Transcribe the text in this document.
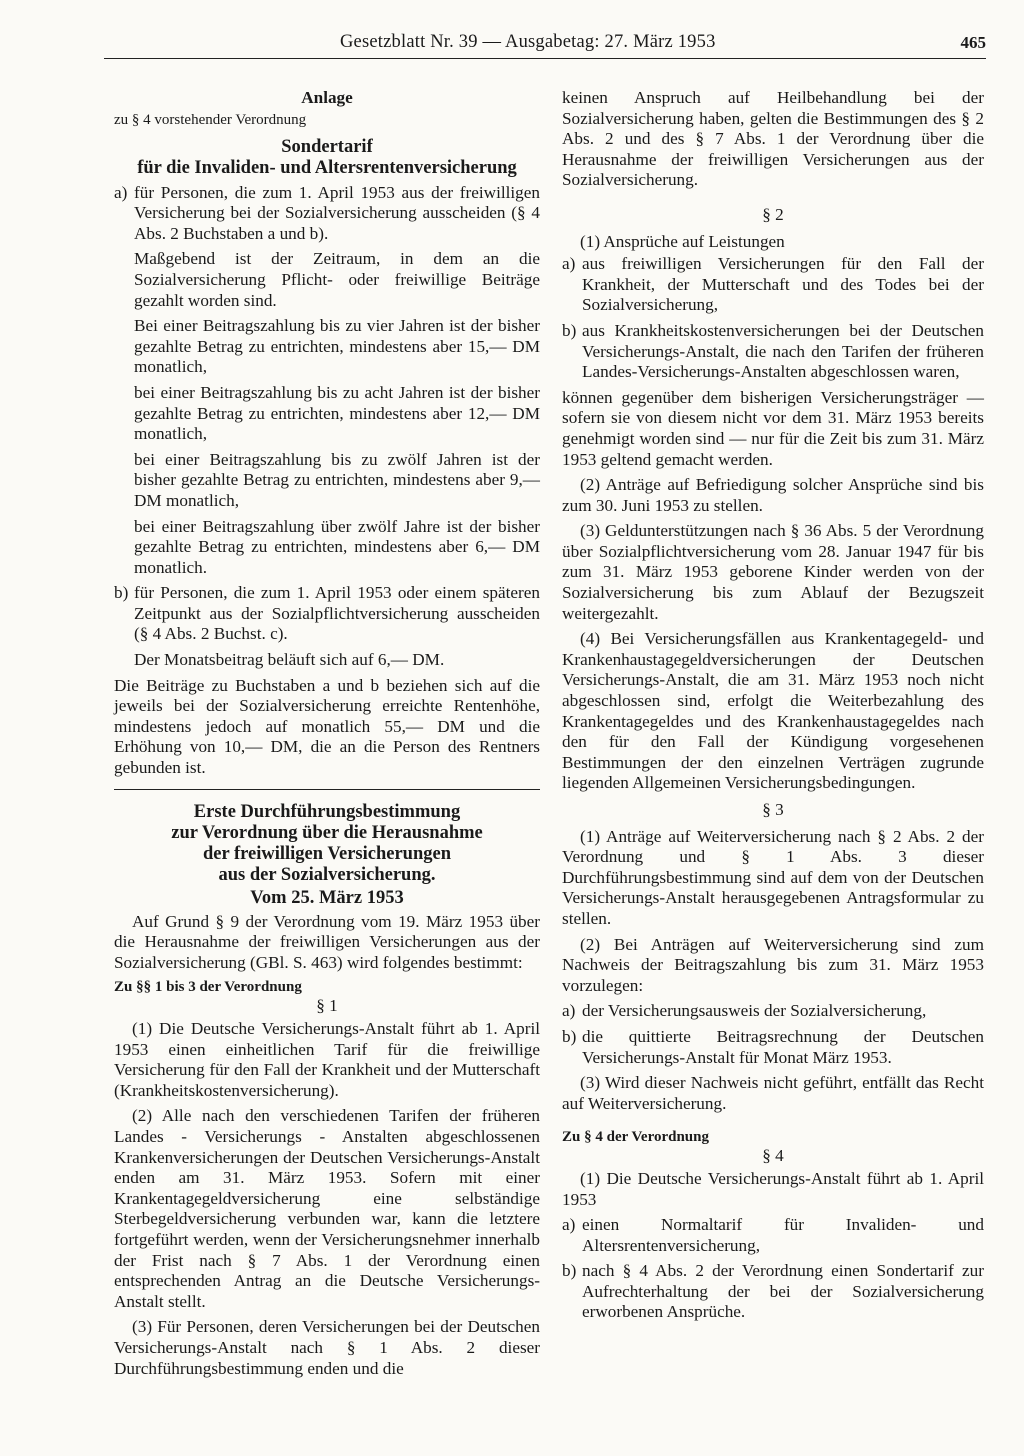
Gesetzblatt Nr. 39 — Ausgabetag: 27. März 1953	465

Anlage

zu § 4 vorstehender Verordnung

Sondertarif

für die Invaliden- und Altersrentenversicherung

a) für Personen, die zum 1. April 1953 aus der freiwilligen Versicherung bei der Sozialversicherung ausscheiden (§ 4 Abs. 2 Buchstaben a und b).

Maßgebend ist der Zeitraum, in dem an die Sozialversicherung Pflicht- oder freiwillige Beiträge gezahlt worden sind.

Bei einer Beitragszahlung bis zu vier Jahren ist der bisher gezahlte Betrag zu entrichten, mindestens aber 15,— DM monatlich,

bei einer Beitragszahlung bis zu acht Jahren ist der bisher gezahlte Betrag zu entrichten, mindestens aber 12,— DM monatlich,

bei einer Beitragszahlung bis zu zwölf Jahren ist der bisher gezahlte Betrag zu entrichten, mindestens aber 9,— DM monatlich,

bei einer Beitragszahlung über zwölf Jahre ist der bisher gezahlte Betrag zu entrichten, mindestens aber 6,— DM monatlich.

b) für Personen, die zum 1. April 1953 oder einem späteren Zeitpunkt aus der Sozialpflichtversicherung ausscheiden (§ 4 Abs. 2 Buchst. c).

Der Monatsbeitrag beläuft sich auf 6,— DM.

Die Beiträge zu Buchstaben a und b beziehen sich auf die jeweils bei der Sozialversicherung erreichte Rentenhöhe, mindestens jedoch auf monatlich 55,— DM und die Erhöhung von 10,— DM, die an die Person des Rentners gebunden ist.

Erste Durchführungsbestimmung

zur Verordnung über die Herausnahme

der freiwilligen Versicherungen

aus der Sozialversicherung.

Vom 25. März 1953

Auf Grund § 9 der Verordnung vom 19. März 1953 über die Herausnahme der freiwilligen Versicherungen aus der Sozialversicherung (GBl. S. 463) wird folgendes bestimmt:

Zu §§ 1 bis 3 der Verordnung

§ 1

(1) Die Deutsche Versicherungs-Anstalt führt ab 1. April 1953 einen einheitlichen Tarif für die freiwillige Versicherung für den Fall der Krankheit und der Mutterschaft (Krankheitskostenversicherung).

(2) Alle nach den verschiedenen Tarifen der früheren Landes - Versicherungs - Anstalten abgeschlossenen Krankenversicherungen der Deutschen Versicherungs-Anstalt enden am 31. März 1953. Sofern mit einer Krankentagegeldversicherung eine selbständige Sterbegeldversicherung verbunden war, kann die letztere fortgeführt werden, wenn der Versicherungsnehmer innerhalb der Frist nach § 7 Abs. 1 der Verordnung einen entsprechenden Antrag an die Deutsche Versicherungs-Anstalt stellt.

(3) Für Personen, deren Versicherungen bei der Deutschen Versicherungs-Anstalt nach § 1 Abs. 2 dieser Durchführungsbestimmung enden und die

keinen Anspruch auf Heilbehandlung bei der Sozialversicherung haben, gelten die Bestimmungen des § 2 Abs. 2 und des § 7 Abs. 1 der Verordnung über die Herausnahme der freiwilligen Versicherungen aus der Sozialversicherung.

§ 2

(1) Ansprüche auf Leistungen

a) aus freiwilligen Versicherungen für den Fall der Krankheit, der Mutterschaft und des Todes bei der Sozialversicherung,
b) aus Krankheitskostenversicherungen bei der Deutschen Versicherungs-Anstalt, die nach den Tarifen der früheren Landes-Versicherungs-Anstalten abgeschlossen waren,

können gegenüber dem bisherigen Versicherungsträger — sofern sie von diesem nicht vor dem 31. März 1953 bereits genehmigt worden sind — nur für die Zeit bis zum 31. März 1953 geltend gemacht werden.

(2) Anträge auf Befriedigung solcher Ansprüche sind bis zum 30. Juni 1953 zu stellen.

(3) Geldunterstützungen nach § 36 Abs. 5 der Verordnung über Sozialpflichtversicherung vom 28. Januar 1947 für bis zum 31. März 1953 geborene Kinder werden von der Sozialversicherung bis zum Ablauf der Bezugszeit weitergezahlt.

(4) Bei Versicherungsfällen aus Krankentagegeld- und Krankenhaustagegeldversicherungen der Deutschen Versicherungs-Anstalt, die am 31. März 1953 noch nicht abgeschlossen sind, erfolgt die Weiterbezahlung des Krankentagegeldes und des Krankenhaustagegeldes nach den für den Fall der Kündigung vorgesehenen Bestimmungen der den einzelnen Verträgen zugrunde liegenden Allgemeinen Versicherungsbedingungen.

§ 3

(1) Anträge auf Weiterversicherung nach § 2 Abs. 2 der Verordnung und § 1 Abs. 3 dieser Durchführungsbestimmung sind auf dem von der Deutschen Versicherungs-Anstalt herausgegebenen Antragsformular zu stellen.

(2) Bei Anträgen auf Weiterversicherung sind zum Nachweis der Beitragszahlung bis zum 31. März 1953 vorzulegen:

a) der Versicherungsausweis der Sozialversicherung,
b) die quittierte Beitragsrechnung der Deutschen Versicherungs-Anstalt für Monat März 1953.

(3) Wird dieser Nachweis nicht geführt, entfällt das Recht auf Weiterversicherung.

Zu § 4 der Verordnung

§ 4

(1) Die Deutsche Versicherungs-Anstalt führt ab 1. April 1953

a) einen Normaltarif für Invaliden- und Altersrentenversicherung,
b) nach § 4 Abs. 2 der Verordnung einen Sondertarif zur Aufrechterhaltung der bei der Sozialversicherung erworbenen Ansprüche.
